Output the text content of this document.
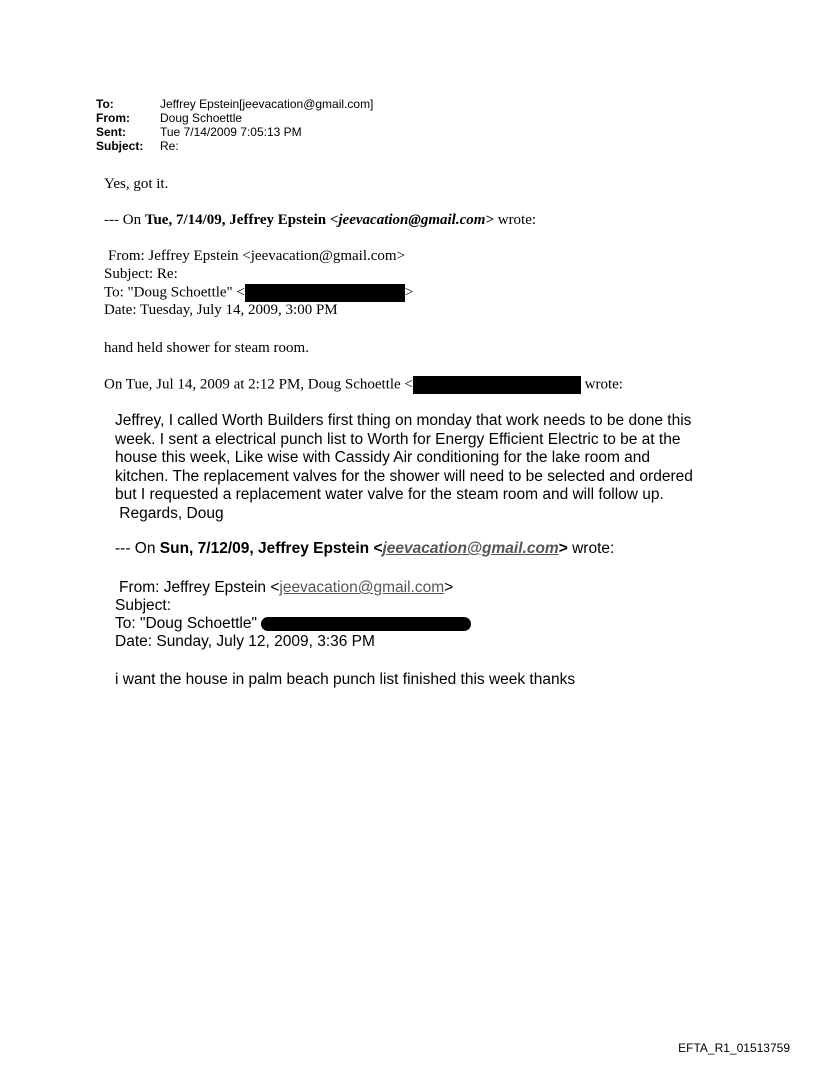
To:	Jeffrey Epstein[jeevacation@gmail.com]
From:	Doug Schoettle
Sent:	Tue 7/14/2009 7:05:13 PM
Subject:	Re:
Yes, got it.
--- On Tue, 7/14/09, Jeffrey Epstein <jeevacation@gmail.com> wrote:
From: Jeffrey Epstein <jeevacation@gmail.com>
Subject: Re:
To: "Doug Schoettle" <	>
Date: Tuesday, July 14, 2009, 3:00 PM
hand held shower for steam room.
On Tue, Jul 14, 2009 at 2:12 PM, Doug Schoettle <	wrote:
Jeffrey, I called Worth Builders first thing on monday that work needs to be done this
week. I sent a electrical punch list to Worth for Energy Efficient Electric to be at the
house this week, Like wise with Cassidy Air conditioning for the lake room and
kitchen. The replacement valves for the shower will need to be selected and ordered
but I requested a replacement water valve for the steam room and will follow up.
Regards, Doug
--- On Sun, 7/12/09, Jeffrey Epstein <jeevacation@gmail.com> wrote:
From: Jeffrey Epstein <jeevacation@gmail.com>
Subject:
To: "Doug Schoettle"
Date: Sunday, July 12, 2009, 3:36 PM
i want the house in palm beach punch list finished this week thanks
EFTA_R1_01513759
